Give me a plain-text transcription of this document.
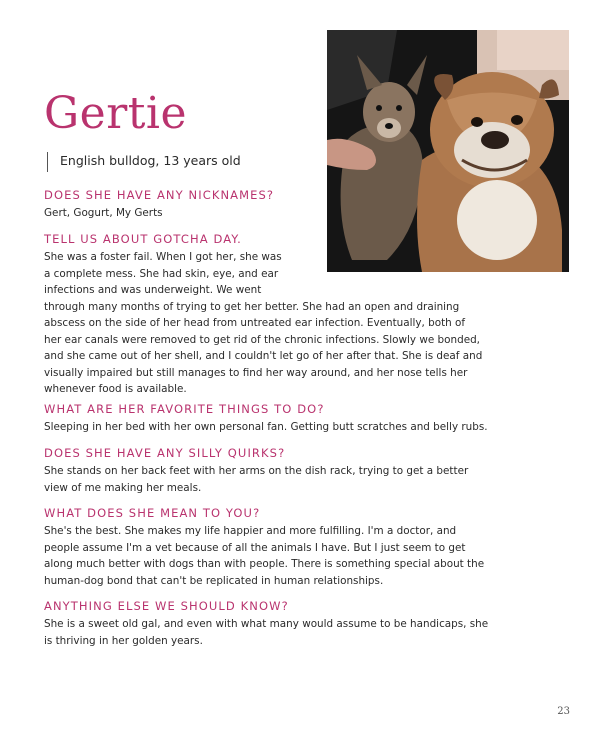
Gertie
English bulldog, 13 years old
DOES SHE HAVE ANY NICKNAMES?

Gert, Gogurt, My Gerts

TELL US ABOUT GOTCHA DAY.

She was a foster fail. When I got her, she was
a complete mess. She had skin, eye, and ear
infections and was underweight. We went
through many months of trying to get her better. She had an open and draining
abscess on the side of her head from untreated ear infection. Eventually, both of
her ear canals were removed to get rid of the chronic infections. Slowly we bonded,
and she came out of her shell, and I couldn't let go of her after that. She is deaf and
visually impaired but still manages to find her way around, and her nose tells her
whenever food is available.

WHAT ARE HER FAVORITE THINGS TO DO?

Sleeping in her bed with her own personal fan. Getting butt scratches and belly rubs.

DOES SHE HAVE ANY SILLY QUIRKS?

She stands on her back feet with her arms on the dish rack, trying to get a better
view of me making her meals.

WHAT DOES SHE MEAN TO YOU?

She's the best. She makes my life happier and more fulfilling. I'm a doctor, and
people assume I'm a vet because of all the animals I have. But I just seem to get
along much better with dogs than with people. There is something special about the
human-dog bond that can't be replicated in human relationships.

ANYTHING ELSE WE SHOULD KNOW?

She is a sweet old gal, and even with what many would assume to be handicaps, she
is thriving in her golden years.

23
